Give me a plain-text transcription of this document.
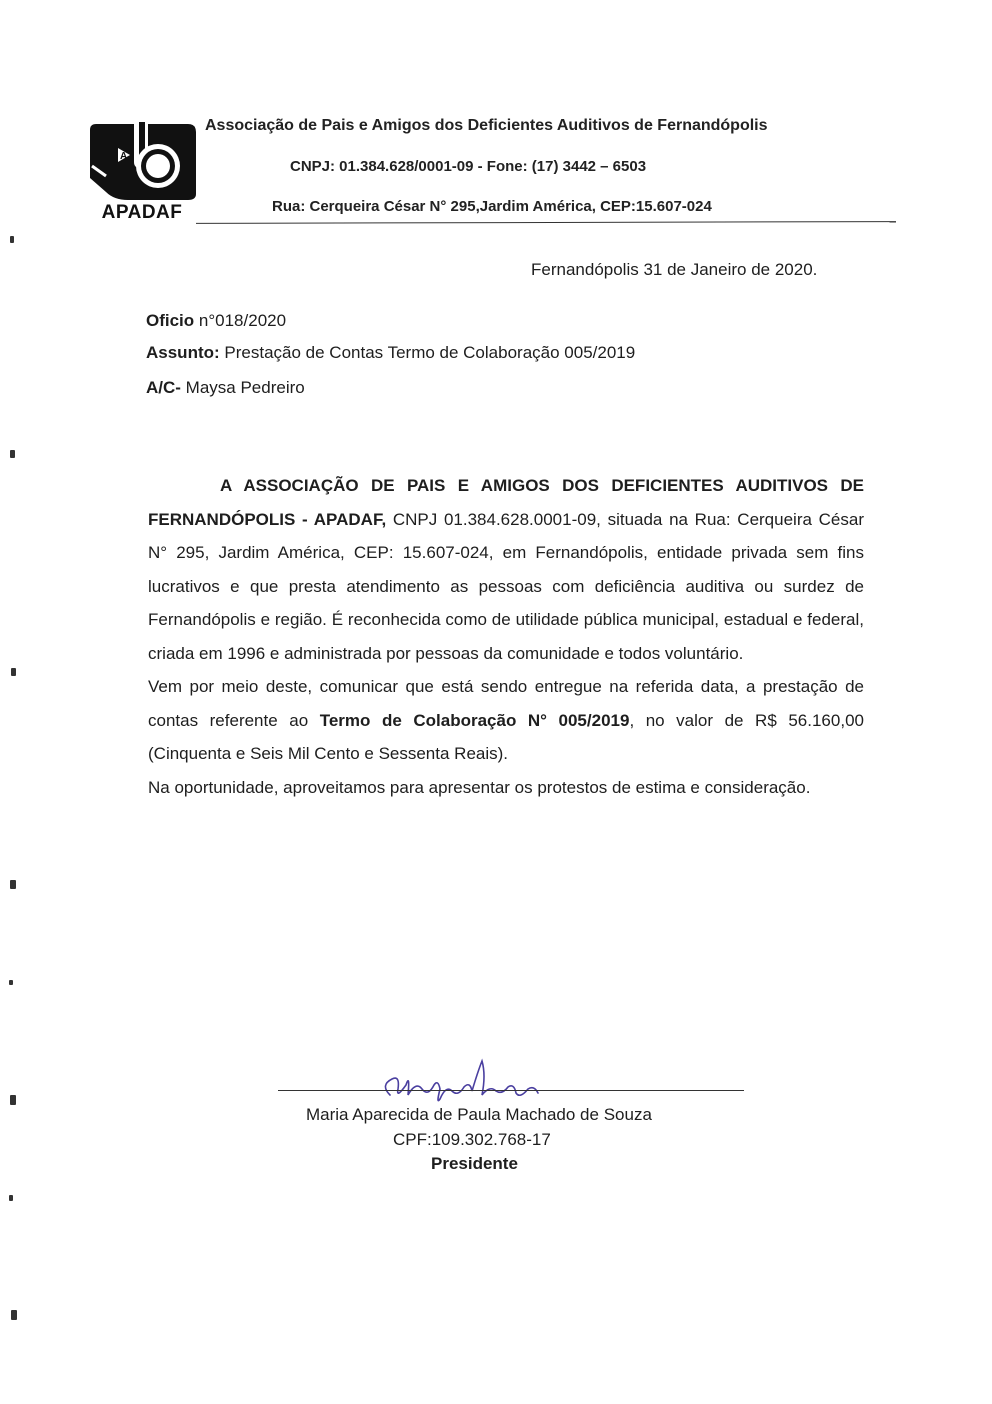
A
APADAF
Associação de Pais e Amigos dos Deficientes Auditivos de Fernandópolis
CNPJ: 01.384.628/0001-09 - Fone: (17) 3442 – 6503
Rua: Cerqueira César N° 295,Jardim América, CEP:15.607-024
Fernandópolis 31 de Janeiro de 2020.
Oficio n°018/2020
Assunto: Prestação de Contas Termo de Colaboração 005/2019
A/C- Maysa Pedreiro

A ASSOCIAÇÃO DE PAIS E AMIGOS DOS DEFICIENTES AUDITIVOS DE FERNANDÓPOLIS - APADAF, CNPJ 01.384.628.0001-09, situada na Rua: Cerqueira César N° 295, Jardim América, CEP: 15.607-024, em Fernandópolis, entidade privada sem fins lucrativos e que presta atendimento as pessoas com deficiência auditiva ou surdez de Fernandópolis e região. É reconhecida como de utilidade pública municipal, estadual e federal, criada em 1996 e administrada por pessoas da comunidade e todos voluntário.

Vem por meio deste, comunicar que está sendo entregue na referida data, a prestação de contas referente ao Termo de Colaboração N° 005/2019, no valor de R$ 56.160,00 (Cinquenta e Seis Mil Cento e Sessenta Reais).

Na oportunidade, aproveitamos para apresentar os protestos de estima e consideração.

Maria Aparecida de Paula Machado de Souza
CPF:109.302.768-17
Presidente
